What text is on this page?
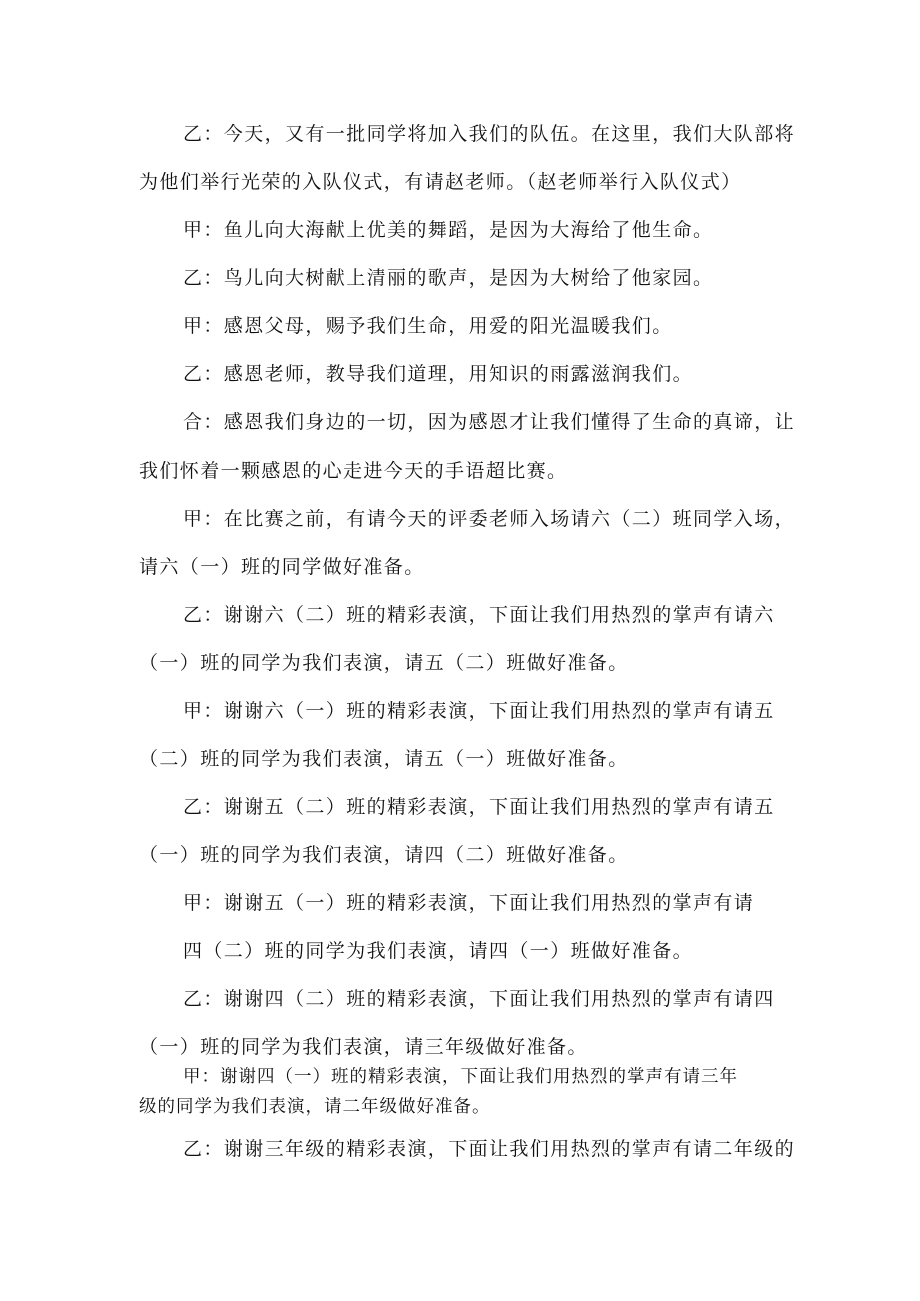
乙：今天，又有一批同学将加入我们的队伍。在这里，我们大队部将
为他们举行光荣的入队仪式，有请赵老师。（赵老师举行入队仪式）
甲：鱼儿向大海献上优美的舞蹈，是因为大海给了他生命。
乙：鸟儿向大树献上清丽的歌声，是因为大树给了他家园。
甲：感恩父母，赐予我们生命，用爱的阳光温暖我们。
乙：感恩老师，教导我们道理，用知识的雨露滋润我们。
合：感恩我们身边的一切，因为感恩才让我们懂得了生命的真谛，让
我们怀着一颗感恩的心走进今天的手语超比赛。
甲：在比赛之前，有请今天的评委老师入场请六（二）班同学入场，
请六（一）班的同学做好准备。
乙：谢谢六（二）班的精彩表演，下面让我们用热烈的掌声有请六
（一）班的同学为我们表演，请五（二）班做好准备。
甲：谢谢六（一）班的精彩表演，下面让我们用热烈的掌声有请五
（二）班的同学为我们表演，请五（一）班做好准备。
乙：谢谢五（二）班的精彩表演，下面让我们用热烈的掌声有请五
（一）班的同学为我们表演，请四（二）班做好准备。
甲：谢谢五（一）班的精彩表演，下面让我们用热烈的掌声有请
四（二）班的同学为我们表演，请四（一）班做好准备。
乙：谢谢四（二）班的精彩表演，下面让我们用热烈的掌声有请四
（一）班的同学为我们表演，请三年级做好准备。
甲：谢谢四（一）班的精彩表演，下面让我们用热烈的掌声有请三年
级的同学为我们表演，请二年级做好准备。
乙：谢谢三年级的精彩表演，下面让我们用热烈的掌声有请二年级的
